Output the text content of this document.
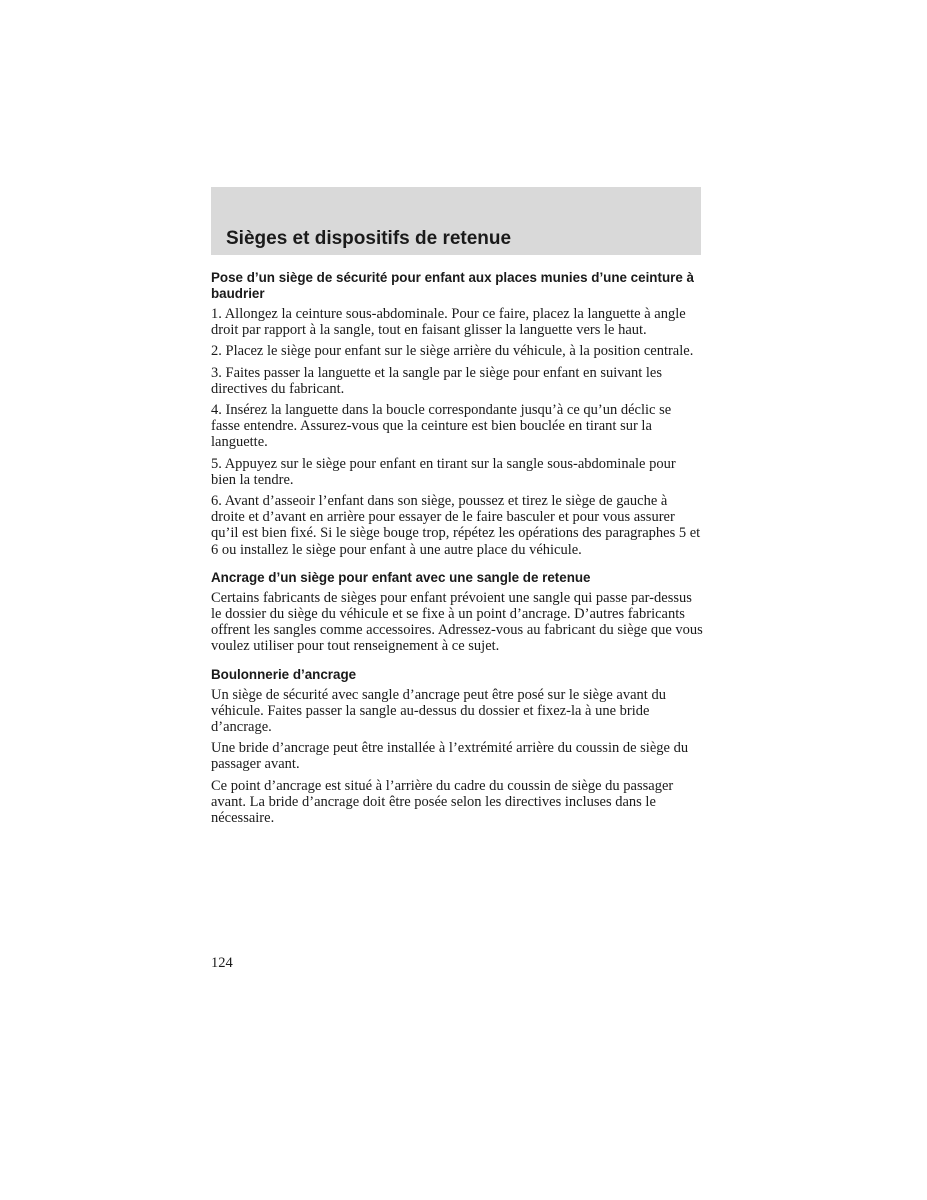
Sièges et dispositifs de retenue
Pose d’un siège de sécurité pour enfant aux places munies d’une ceinture à baudrier

1. Allongez la ceinture sous-abdominale. Pour ce faire, placez la languette à angle droit par rapport à la sangle, tout en faisant glisser la languette vers le haut.

2. Placez le siège pour enfant sur le siège arrière du véhicule, à la position centrale.

3. Faites passer la languette et la sangle par le siège pour enfant en suivant les directives du fabricant.

4. Insérez la languette dans la boucle correspondante jusqu’à ce qu’un déclic se fasse entendre. Assurez-vous que la ceinture est bien bouclée en tirant sur la languette.

5. Appuyez sur le siège pour enfant en tirant sur la sangle sous-abdominale pour bien la tendre.

6. Avant d’asseoir l’enfant dans son siège, poussez et tirez le siège de gauche à droite et d’avant en arrière pour essayer de le faire basculer et pour vous assurer qu’il est bien fixé. Si le siège bouge trop, répétez les opérations des paragraphes 5 et 6 ou installez le siège pour enfant à une autre place du véhicule.

Ancrage d’un siège pour enfant avec une sangle de retenue

Certains fabricants de sièges pour enfant prévoient une sangle qui passe par-dessus le dossier du siège du véhicule et se fixe à un point d’ancrage. D’autres fabricants offrent les sangles comme accessoires. Adressez-vous au fabricant du siège que vous voulez utiliser pour tout renseignement à ce sujet.

Boulonnerie d’ancrage

Un siège de sécurité avec sangle d’ancrage peut être posé sur le siège avant du véhicule. Faites passer la sangle au-dessus du dossier et fixez-la à une bride d’ancrage.

Une bride d’ancrage peut être installée à l’extrémité arrière du coussin de siège du passager avant.

Ce point d’ancrage est situé à l’arrière du cadre du coussin de siège du passager avant. La bride d’ancrage doit être posée selon les directives incluses dans le nécessaire.

124
